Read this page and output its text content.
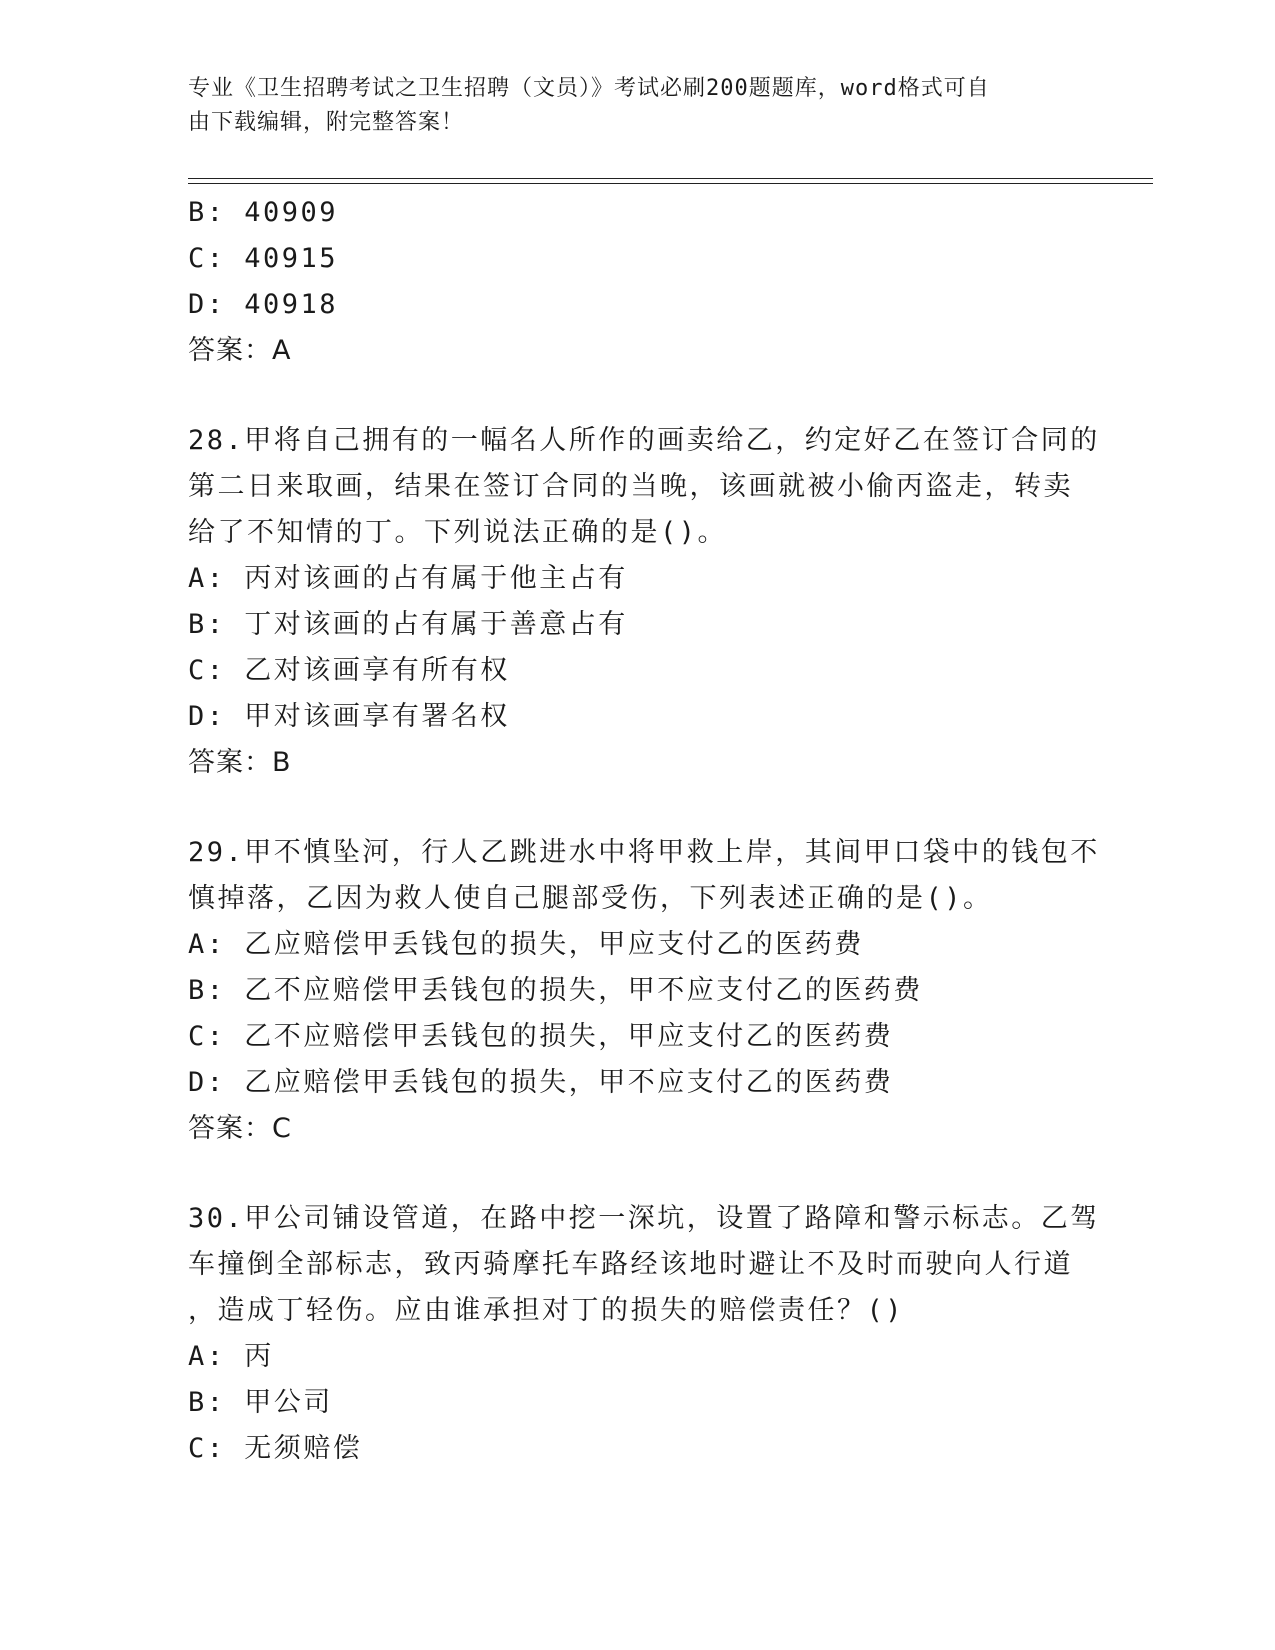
专业《卫生招聘考试之卫生招聘（文员）》考试必刷200题题库，word格式可自
由下载编辑，附完整答案！
B: 40909
C: 40915
D: 40918
答案：A
28.甲将自己拥有的一幅名人所作的画卖给乙，约定好乙在签订合同的
第二日来取画，结果在签订合同的当晚，该画就被小偷丙盗走，转卖
给了不知情的丁。下列说法正确的是()。
A: 丙对该画的占有属于他主占有
B: 丁对该画的占有属于善意占有
C: 乙对该画享有所有权
D: 甲对该画享有署名权
答案：B
29.甲不慎坠河，行人乙跳进水中将甲救上岸，其间甲口袋中的钱包不
慎掉落，乙因为救人使自己腿部受伤，下列表述正确的是()。
A: 乙应赔偿甲丢钱包的损失，甲应支付乙的医药费
B: 乙不应赔偿甲丢钱包的损失，甲不应支付乙的医药费
C: 乙不应赔偿甲丢钱包的损失，甲应支付乙的医药费
D: 乙应赔偿甲丢钱包的损失，甲不应支付乙的医药费
答案：C
30.甲公司铺设管道，在路中挖一深坑，设置了路障和警示标志。乙驾
车撞倒全部标志，致丙骑摩托车路经该地时避让不及时而驶向人行道
，造成丁轻伤。应由谁承担对丁的损失的赔偿责任？()
A: 丙
B: 甲公司
C: 无须赔偿
